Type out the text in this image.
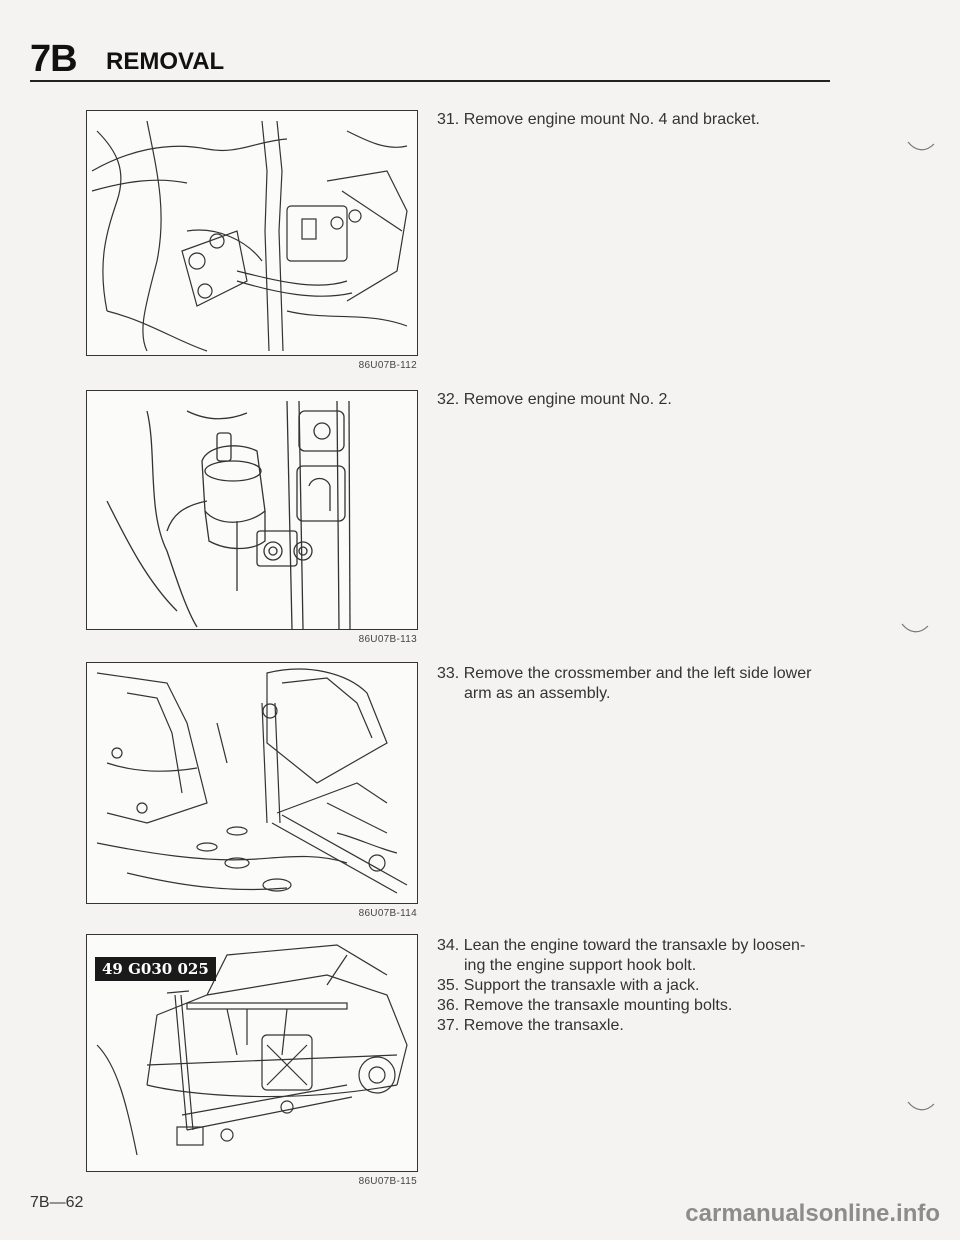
7B REMOVAL
86U07B-112
31. Remove engine mount No. 4 and bracket.
86U07B-113
32. Remove engine mount No. 2.
86U07B-114
33. Remove the crossmember and the left side lower
arm as an assembly.
49 G030 025
86U07B-115
34. Lean the engine toward the transaxle by loosen-
ing the engine support hook bolt.
35. Support the transaxle with a jack.
36. Remove the transaxle mounting bolts.
37. Remove the transaxle.
7B—62	carmanualsonline.info
